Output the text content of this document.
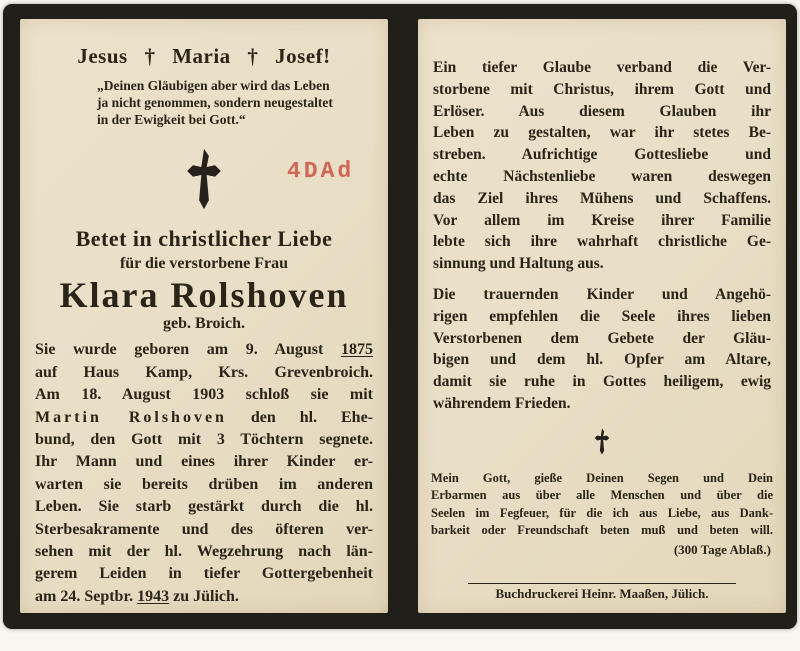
Jesus † Maria † Josef!
„Deinen Gläubigen aber wird das Leben
ja nicht genommen, sondern neugestaltet
in der Ewigkeit bei Gott.“
4DAd
Betet in christlicher Liebe
für die verstorbene Frau
Klara Rolshoven
geb. Broich.
Sie wurde geboren am 9. August 1875
auf Haus Kamp, Krs. Grevenbroich.
Am 18. August 1903 schloß sie mit
Martin Rolshoven den hl. Ehe-
bund, den Gott mit 3 Töchtern segnete.
Ihr Mann und eines ihrer Kinder er-
warten sie bereits drüben im anderen
Leben. Sie starb gestärkt durch die hl.
Sterbesakramente und des öfteren ver-
sehen mit der hl. Wegzehrung nach län-
gerem Leiden in tiefer Gottergebenheit
am 24. Septbr. 1943 zu Jülich.
Ein tiefer Glaube verband die Ver-
storbene mit Christus, ihrem Gott und
Erlöser. Aus diesem Glauben ihr
Leben zu gestalten, war ihr stetes Be-
streben. Aufrichtige Gottesliebe und
echte Nächstenliebe waren deswegen
das Ziel ihres Mühens und Schaffens.
Vor allem im Kreise ihrer Familie
lebte sich ihre wahrhaft christliche Ge-
sinnung und Haltung aus.
Die trauernden Kinder und Angehö-
rigen empfehlen die Seele ihres lieben
Verstorbenen dem Gebete der Gläu-
bigen und dem hl. Opfer am Altare,
damit sie ruhe in Gottes heiligem, ewig
währendem Frieden.
Mein Gott, gieße Deinen Segen und Dein
Erbarmen aus über alle Menschen und über die
Seelen im Fegfeuer, für die ich aus Liebe, aus Dank-
barkeit oder Freundschaft beten muß und beten will.
(300 Tage Ablaß.)
Buchdruckerei Heinr. Maaßen, Jülich.
